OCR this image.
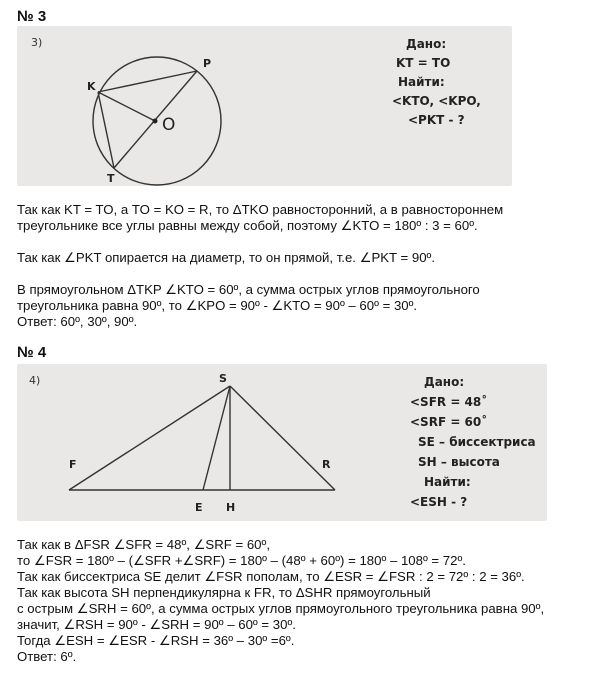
№ 3
3)
K
P
O
T
Дано:
KT = TO
Найти:
<KTO, <KPO,
<PKT - ?
Так как KT = TO, а TO = KO = R, то ΔTKO равносторонний, а в равностороннем
треугольнике все углы равны между собой, поэтому ∠KTO = 180º : 3 = 60º.
Так как ∠PKT опирается на диаметр, то он прямой, т.е. ∠PKT = 90º.
В прямоугольном ΔTKP ∠KTO = 60º, а сумма острых углов прямоугольного
треугольника равна 90º, то ∠KPO = 90º - ∠KTO = 90º – 60º = 30º.
Ответ: 60º, 30º, 90º.
№ 4
4)	S
F	R
E H
Дано:
<SFR = 48˚
<SRF = 60˚
SE – биссектриса
SH – высота
Найти:
<ESH - ?
Так как в ΔFSR ∠SFR = 48º, ∠SRF = 60º,
то ∠FSR = 180º – (∠SFR +∠SRF) = 180º – (48º + 60º) = 180º – 108º = 72º.
Так как биссектриса SE делит ∠FSR пополам, то ∠ESR = ∠FSR : 2 = 72º : 2 = 36º.
Так как высота SH перпендикулярна к FR, то ΔSHR прямоугольный
с острым ∠SRH = 60º, а сумма острых углов прямоугольного треугольника равна 90º,
значит, ∠RSH = 90º - ∠SRH = 90º – 60º = 30º.
Тогда ∠ESH = ∠ESR - ∠RSH = 36º – 30º =6º.
Ответ: 6º.
